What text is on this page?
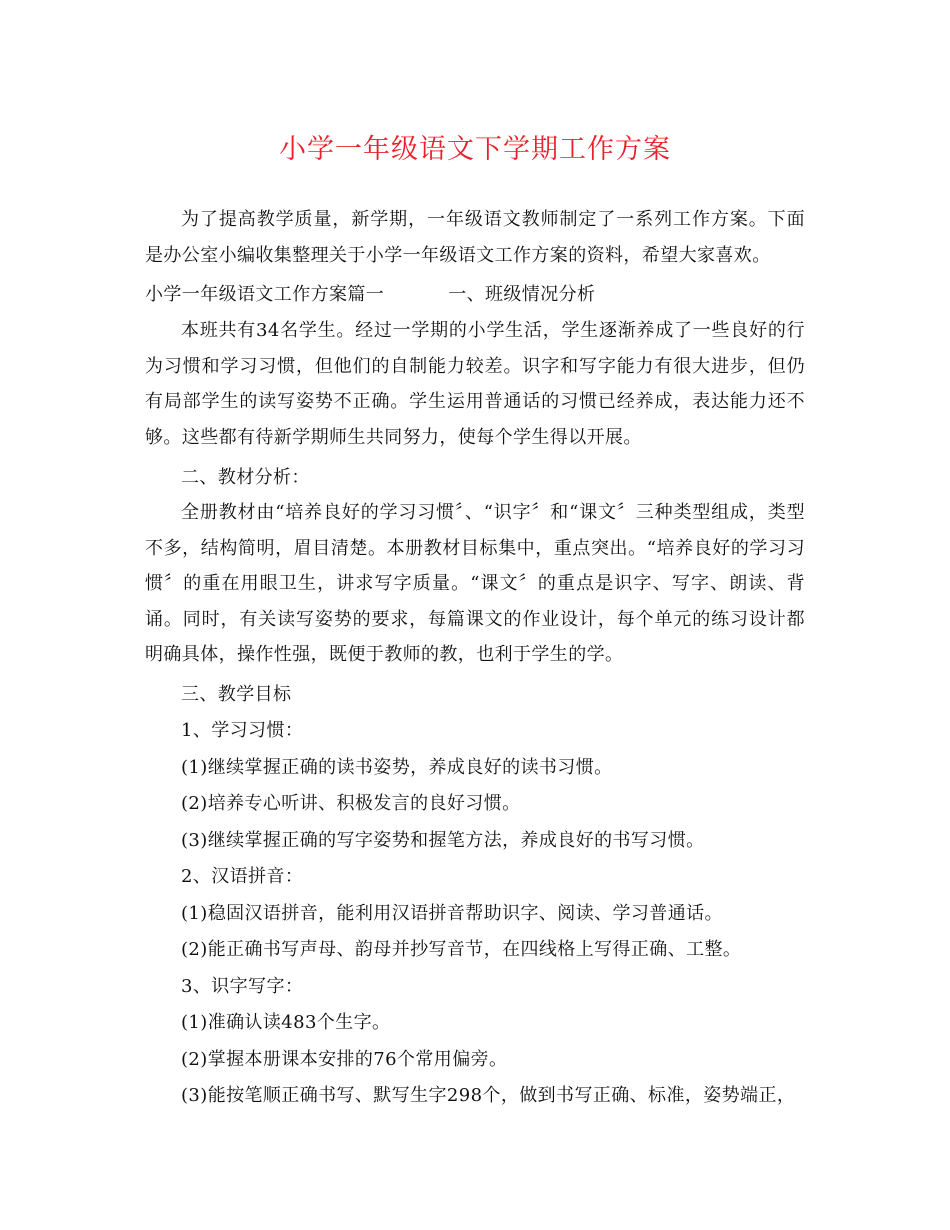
小学一年级语文下学期工作方案
为了提高教学质量，新学期，一年级语文教师制定了一系列工作方案。下面是办公室小编收集整理关于小学一年级语文工作方案的资料，希望大家喜欢。
小学一年级语文工作方案篇一	一、班级情况分析
本班共有34名学生。经过一学期的小学生活，学生逐渐养成了一些良好的行为习惯和学习习惯，但他们的自制能力较差。识字和写字能力有很大进步，但仍有局部学生的读写姿势不正确。学生运用普通话的习惯已经养成，表达能力还不够。这些都有待新学期师生共同努力，使每个学生得以开展。
二、教材分析：
全册教材由“培养良好的学习习惯〞、“识字〞和“课文〞三种类型组成，类型不多，结构简明，眉目清楚。本册教材目标集中，重点突出。“培养良好的学习习惯〞的重在用眼卫生，讲求写字质量。“课文〞的重点是识字、写字、朗读、背诵。同时，有关读写姿势的要求，每篇课文的作业设计，每个单元的练习设计都明确具体，操作性强，既便于教师的教，也利于学生的学。
三、教学目标
1、学习习惯：
(1)继续掌握正确的读书姿势，养成良好的读书习惯。
(2)培养专心听讲、积极发言的良好习惯。
(3)继续掌握正确的写字姿势和握笔方法，养成良好的书写习惯。
2、汉语拼音：
(1)稳固汉语拼音，能利用汉语拼音帮助识字、阅读、学习普通话。
(2)能正确书写声母、韵母并抄写音节，在四线格上写得正确、工整。
3、识字写字：
(1)准确认读483个生字。
(2)掌握本册课本安排的76个常用偏旁。
(3)能按笔顺正确书写、默写生字298个，做到书写正确、标准，姿势端正，
